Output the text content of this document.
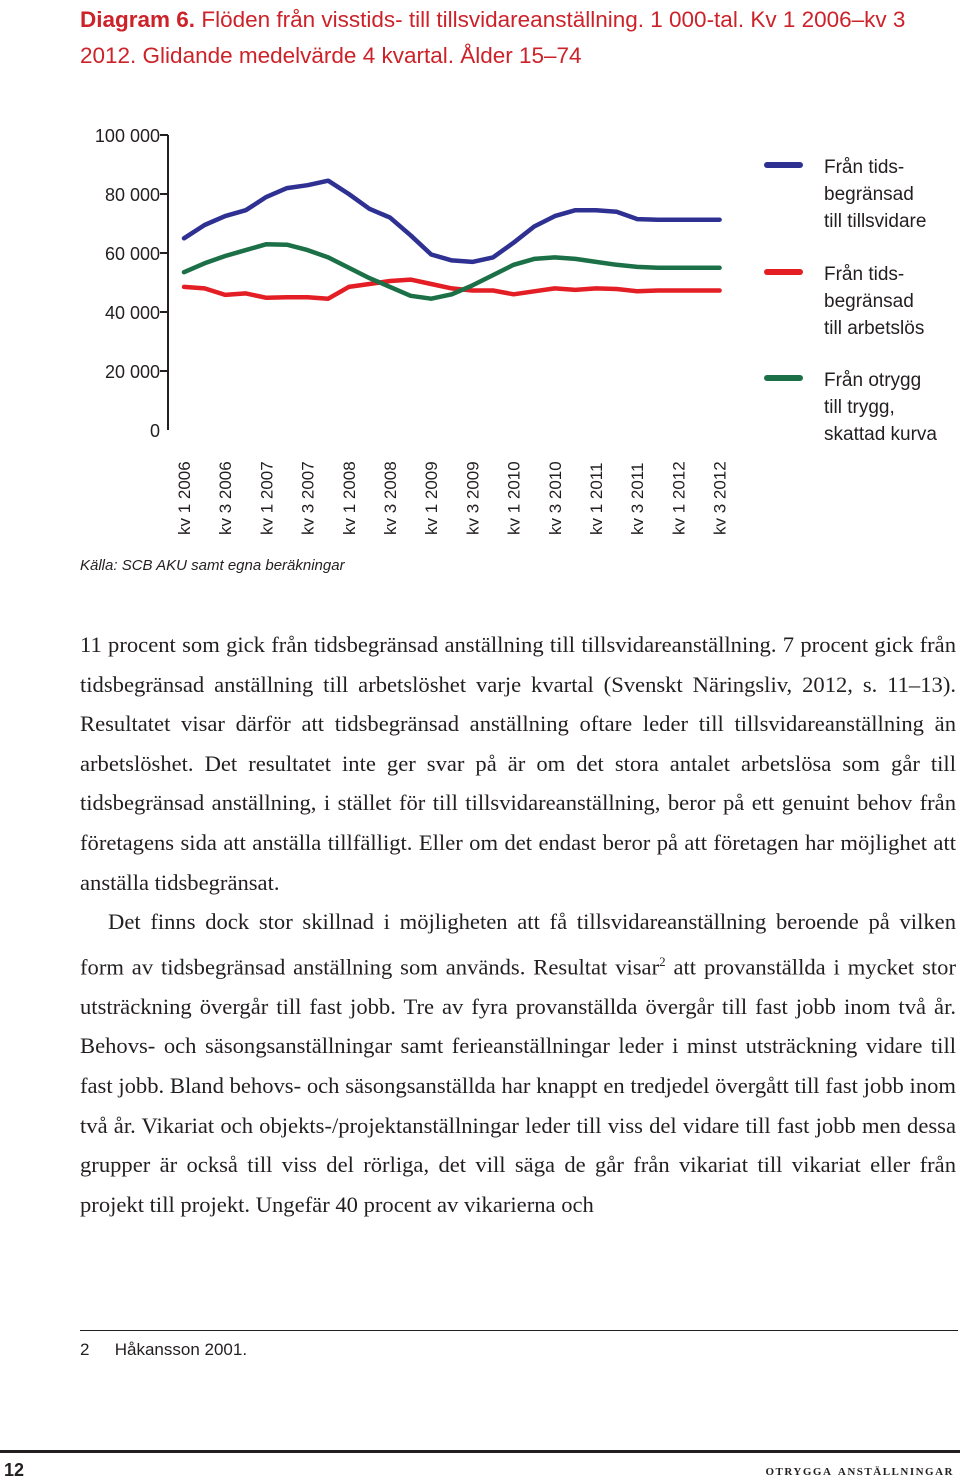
Diagram 6. Flöden från visstids- till tillsvidareanställning. 1 000-tal. Kv 1 2006–kv 3 2012. Glidande medelvärde 4 kvartal. Ålder 15–74
0
20 000
40 000
60 000
80 000
100 000
kv 1 2006 kv 3 2006 kv 1 2007 kv 3 2007 kv 1 2008 kv 3 2008 kv 1 2009 kv 3 2009 kv 1 2010 kv 3 2010 kv 1 2011 kv 3 2011 kv 1 2012 kv 3 2012
Från tids-
begränsad
till tillsvidare
Från tids-
begränsad
till arbetslös
Från otrygg
till trygg,
skattad kurva
Källa: SCB AKU samt egna beräkningar

11 procent som gick från tidsbegränsad anställning till tillsvidareanställning. 7 procent gick från tidsbegränsad anställning till arbetslöshet varje kvartal (Svenskt Näringsliv, 2012, s. 11–13). Resultatet visar därför att tidsbegränsad anställning oftare leder till tillsvidareanställning än arbetslöshet. Det resultatet inte ger svar på är om det stora antalet arbetslösa som går till tidsbegränsad anställning, i stället för till tillsvidareanställning, beror på ett genuint behov från företagens sida att anställa tillfälligt. Eller om det endast beror på att företagen har möjlighet att anställa tidsbegränsat.

Det finns dock stor skillnad i möjligheten att få tillsvidareanställning beroende på vilken form av tidsbegränsad anställning som används. Resultat visar$^2$ att provanställda i mycket stor utsträckning övergår till fast jobb. Tre av fyra provanställda övergår till fast jobb inom två år. Behovs- och säsongsanställningar samt ferieanställningar leder i minst utsträckning vidare till fast jobb. Bland behovs- och säsongsanställda har knappt en tredjedel övergått till fast jobb inom två år. Vikariat och objekts-/projektanställningar leder till viss del vidare till fast jobb men dessa grupper är också till viss del rörliga, det vill säga de går från vikariat till vikariat eller från projekt till projekt. Ungefär 40 procent av vikarierna och

2 Håkansson 2001.
12	otrygga anställningar
